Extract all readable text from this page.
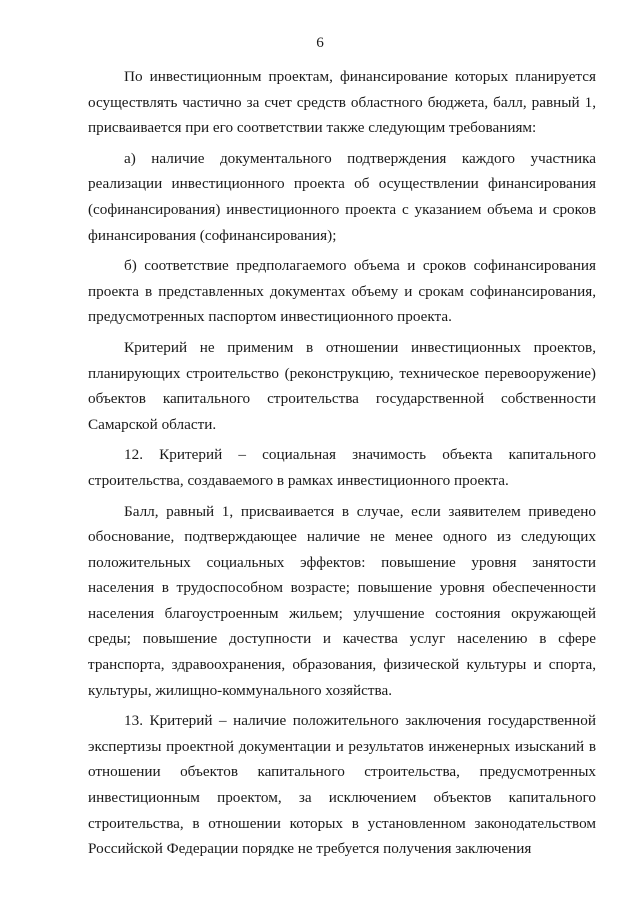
6

По инвестиционным проектам, финансирование которых планируется осуществлять частично за счет средств областного бюджета, балл, равный 1, присваивается при его соответствии также следующим требованиям:

а) наличие документального подтверждения каждого участника реализации инвестиционного проекта об осуществлении финансирования (софинансирования) инвестиционного проекта с указанием объема и сроков финансирования (софинансирования);

б) соответствие предполагаемого объема и сроков софинансирования проекта в представленных документах объему и срокам софинансирования, предусмотренных паспортом инвестиционного проекта.

Критерий не применим в отношении инвестиционных проектов, планирующих строительство (реконструкцию, техническое перевооружение) объектов капитального строительства государственной собственности Самарской области.

12. Критерий – социальная значимость объекта капитального строительства, создаваемого в рамках инвестиционного проекта.

Балл, равный 1, присваивается в случае, если заявителем приведено обоснование, подтверждающее наличие не менее одного из следующих положительных социальных эффектов: повышение уровня занятости населения в трудоспособном возрасте; повышение уровня обеспеченности населения благоустроенным жильем; улучшение состояния окружающей среды; повышение доступности и качества услуг населению в сфере транспорта, здравоохранения, образования, физической культуры и спорта, культуры, жилищно-коммунального хозяйства.

13. Критерий – наличие положительного заключения государственной экспертизы проектной документации и результатов инженерных изысканий в отношении объектов капитального строительства, предусмотренных инвестиционным проектом, за исключением объектов капитального строительства, в отношении которых в установленном законодательством Российской Федерации порядке не требуется получения заключения
